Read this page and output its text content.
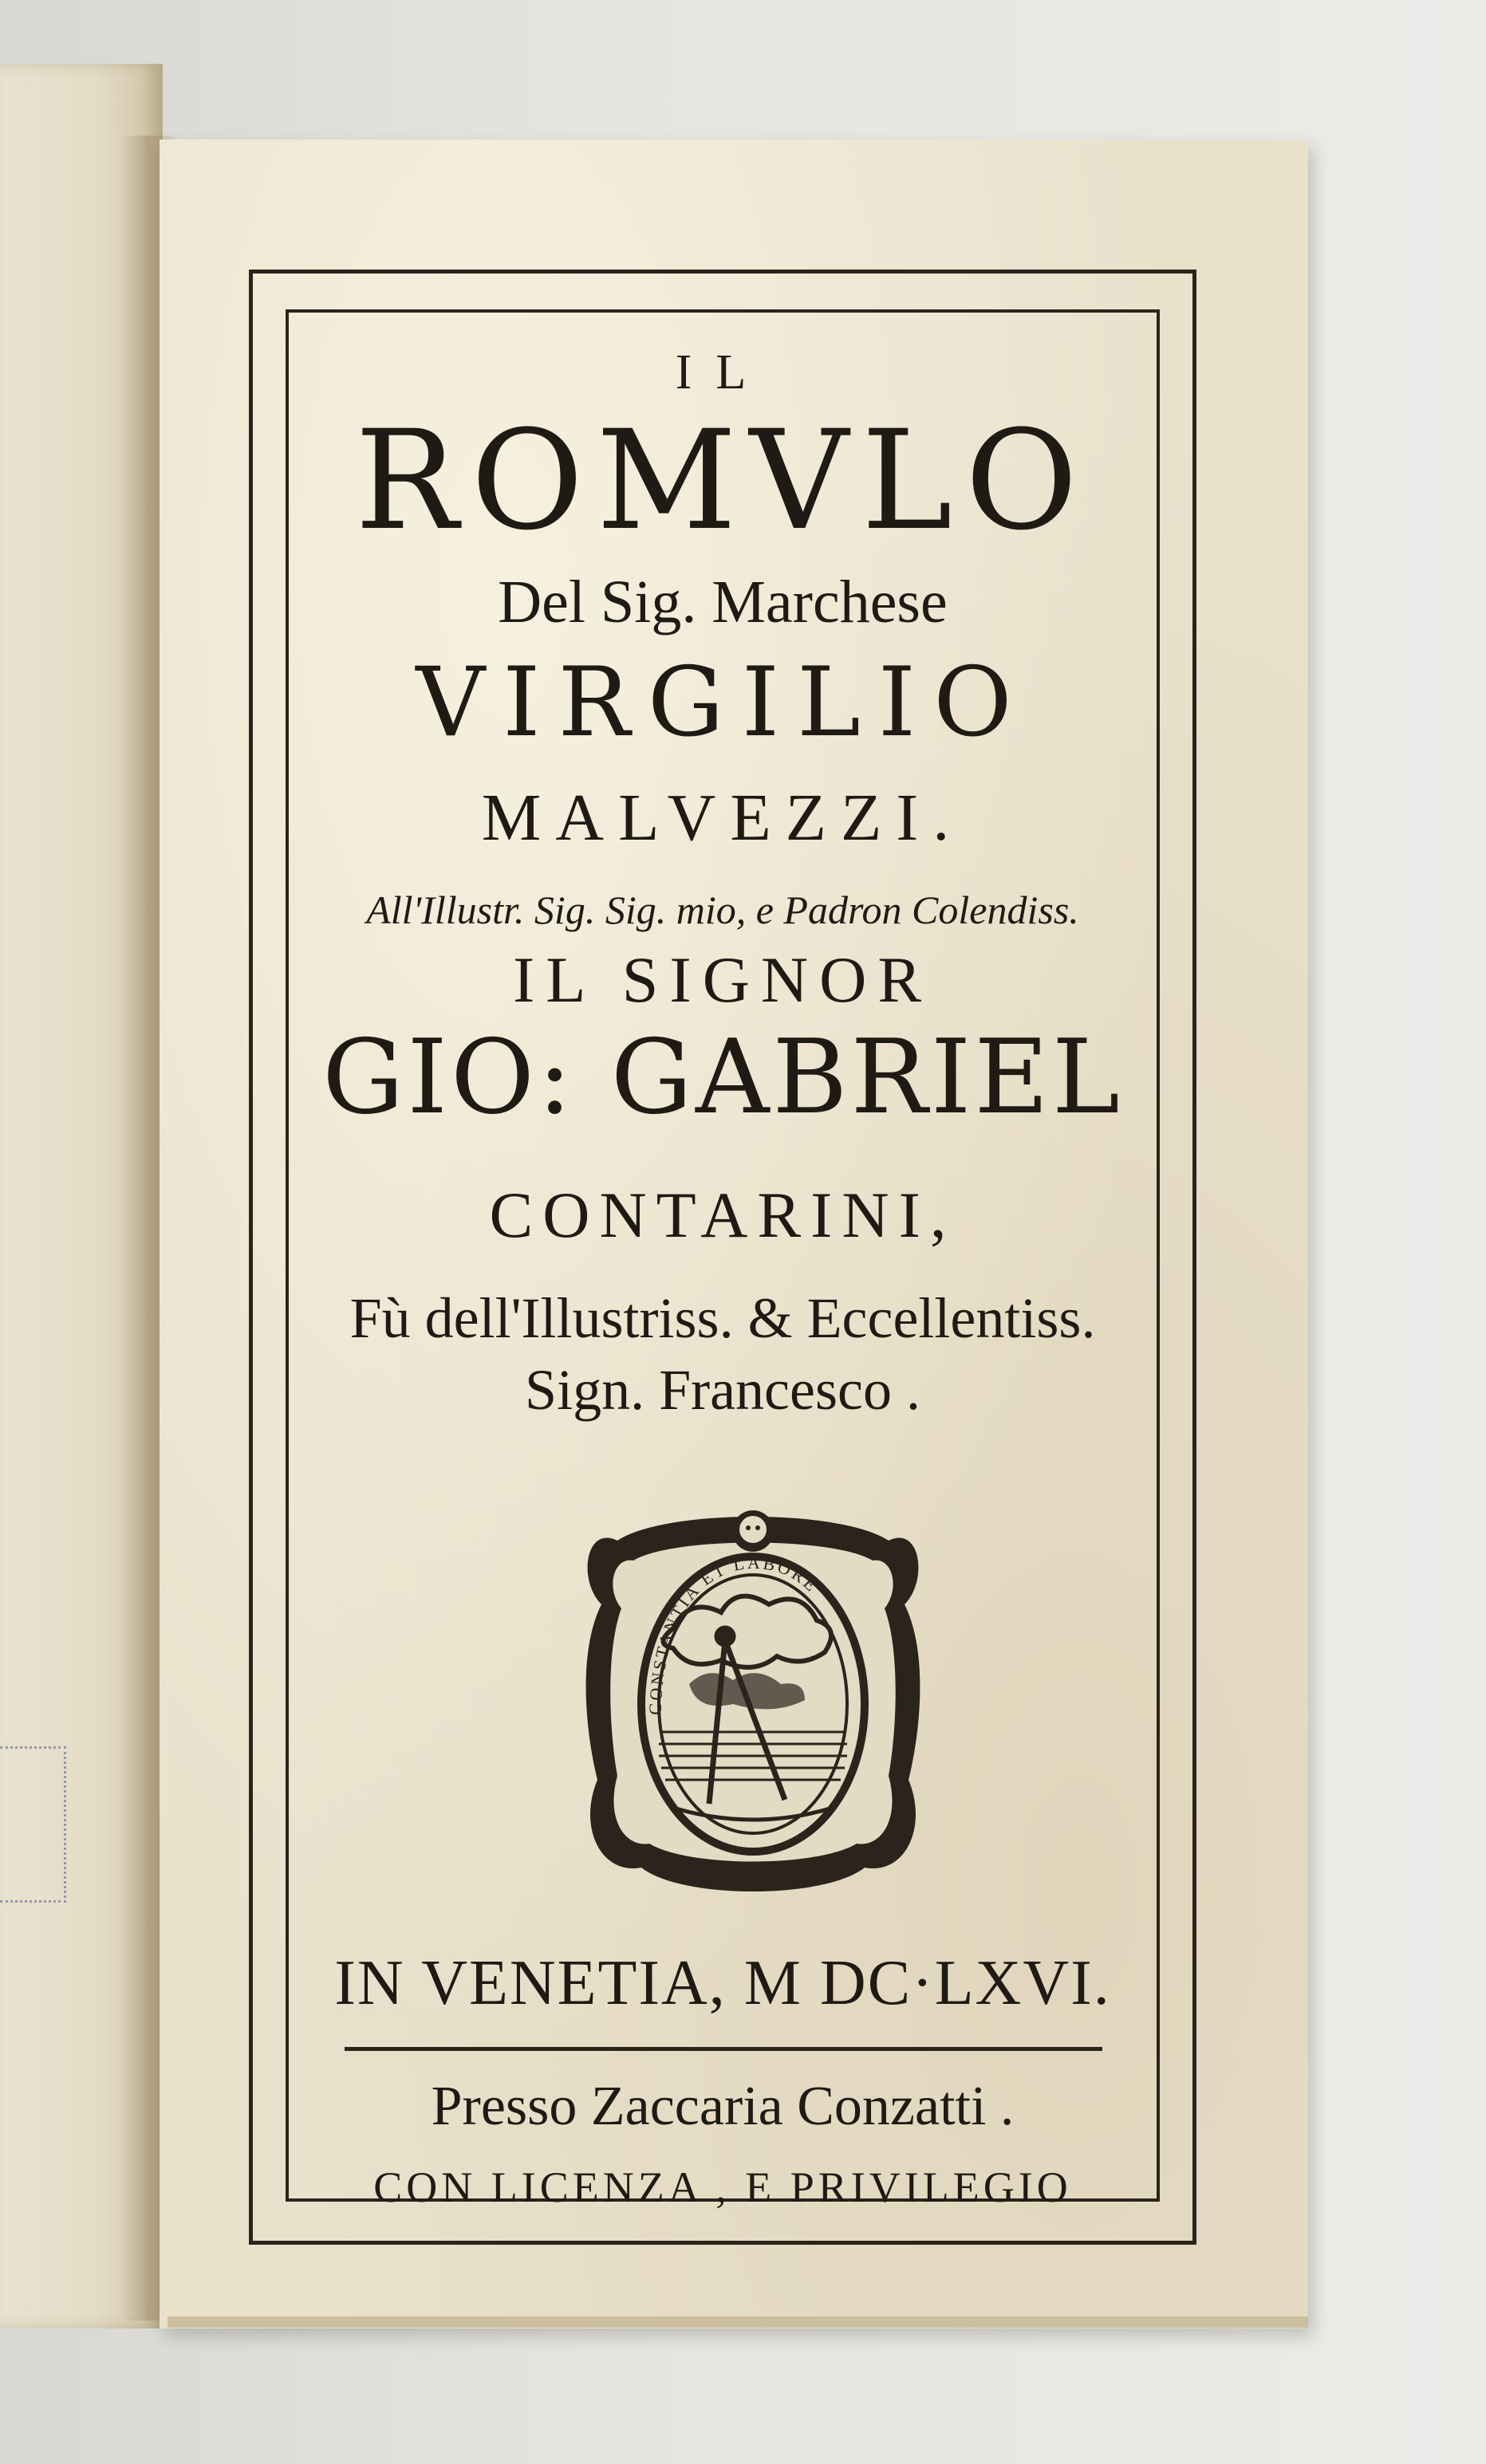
IL
ROMVLO
Del Sig. Marchese
VIRGILIO
MALVEZZI.
All'Illustr. Sig. Sig. mio, e Padron Colendiss.
IL SIGNOR
GIO: GABRIEL
CONTARINI,
Fù dell'Illustriss. & Eccellentiss.
Sign. Francesco .
CONSTANTIA ET LABORE
IN VENETIA, M DC·LXVI.
Presso Zaccaria Conzatti .
CON LICENZA , E PRIVILEGIO
